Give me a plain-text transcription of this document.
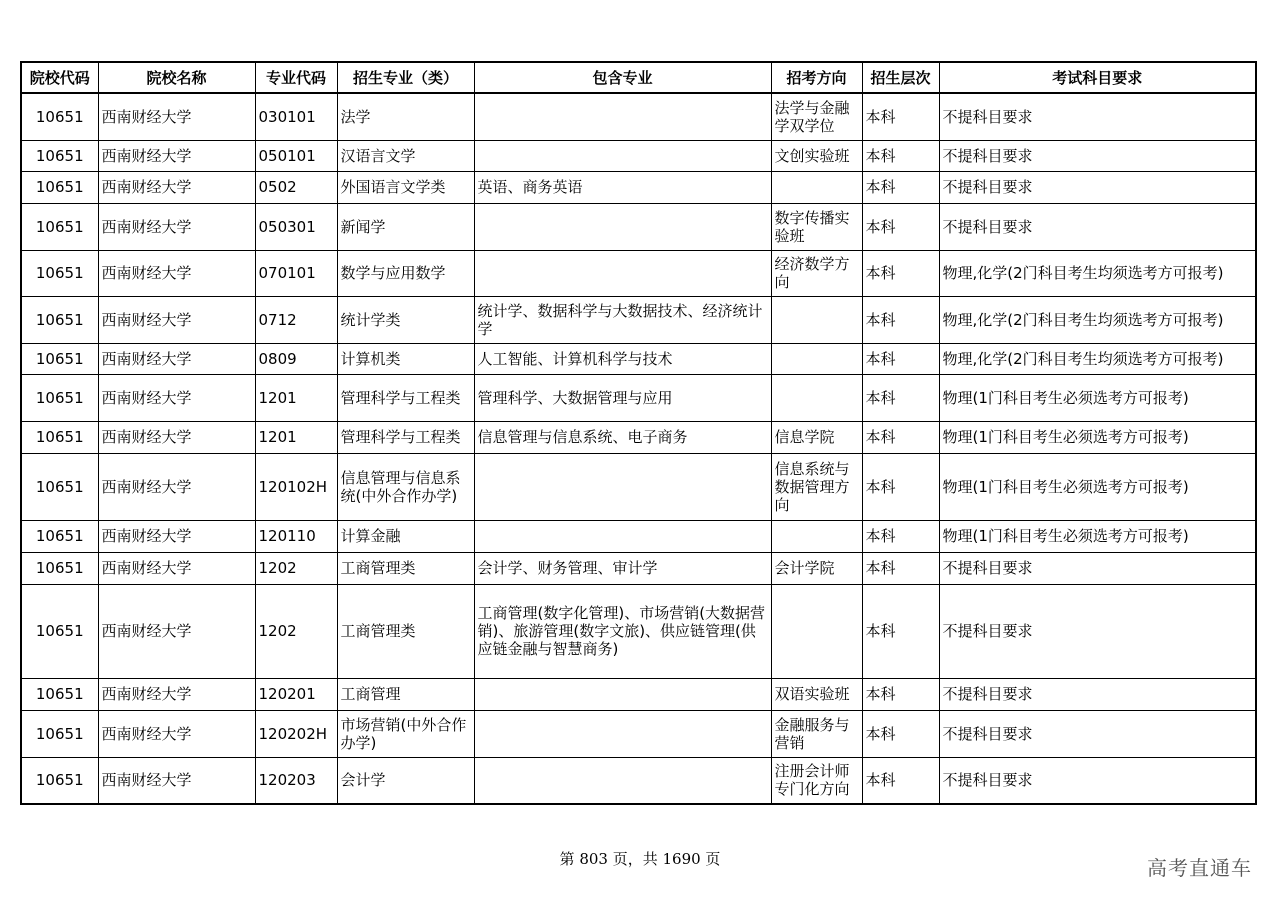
院校代码	院校名称	专业代码	招生专业（类）	包含专业	招考方向	招生层次	考试科目要求
10651	西南财经大学	030101	法学		法学与金融学双学位	本科	不提科目要求
10651	西南财经大学	050101	汉语言文学		文创实验班	本科	不提科目要求
10651	西南财经大学	0502	外国语言文学类	英语、商务英语		本科	不提科目要求
10651	西南财经大学	050301	新闻学		数字传播实验班	本科	不提科目要求
10651	西南财经大学	070101	数学与应用数学		经济数学方向	本科	物理,化学(2门科目考生均须选考方可报考)
10651	西南财经大学	0712	统计学类	统计学、数据科学与大数据技术、经济统计学		本科	物理,化学(2门科目考生均须选考方可报考)
10651	西南财经大学	0809	计算机类	人工智能、计算机科学与技术		本科	物理,化学(2门科目考生均须选考方可报考)
10651	西南财经大学	1201	管理科学与工程类	管理科学、大数据管理与应用		本科	物理(1门科目考生必须选考方可报考)
10651	西南财经大学	1201	管理科学与工程类	信息管理与信息系统、电子商务	信息学院	本科	物理(1门科目考生必须选考方可报考)
10651	西南财经大学	120102H	信息管理与信息系统(中外合作办学)		信息系统与数据管理方向	本科	物理(1门科目考生必须选考方可报考)
10651	西南财经大学	120110	计算金融			本科	物理(1门科目考生必须选考方可报考)
10651	西南财经大学	1202	工商管理类	会计学、财务管理、审计学	会计学院	本科	不提科目要求
10651	西南财经大学	1202	工商管理类	工商管理(数字化管理)、市场营销(大数据营销)、旅游管理(数字文旅)、供应链管理(供应链金融与智慧商务)		本科	不提科目要求
10651	西南财经大学	120201	工商管理		双语实验班	本科	不提科目要求
10651	西南财经大学	120202H	市场营销(中外合作办学)		金融服务与营销	本科	不提科目要求
10651	西南财经大学	120203	会计学		注册会计师专门化方向	本科	不提科目要求
第 803 页，共 1690 页	高考直通车
